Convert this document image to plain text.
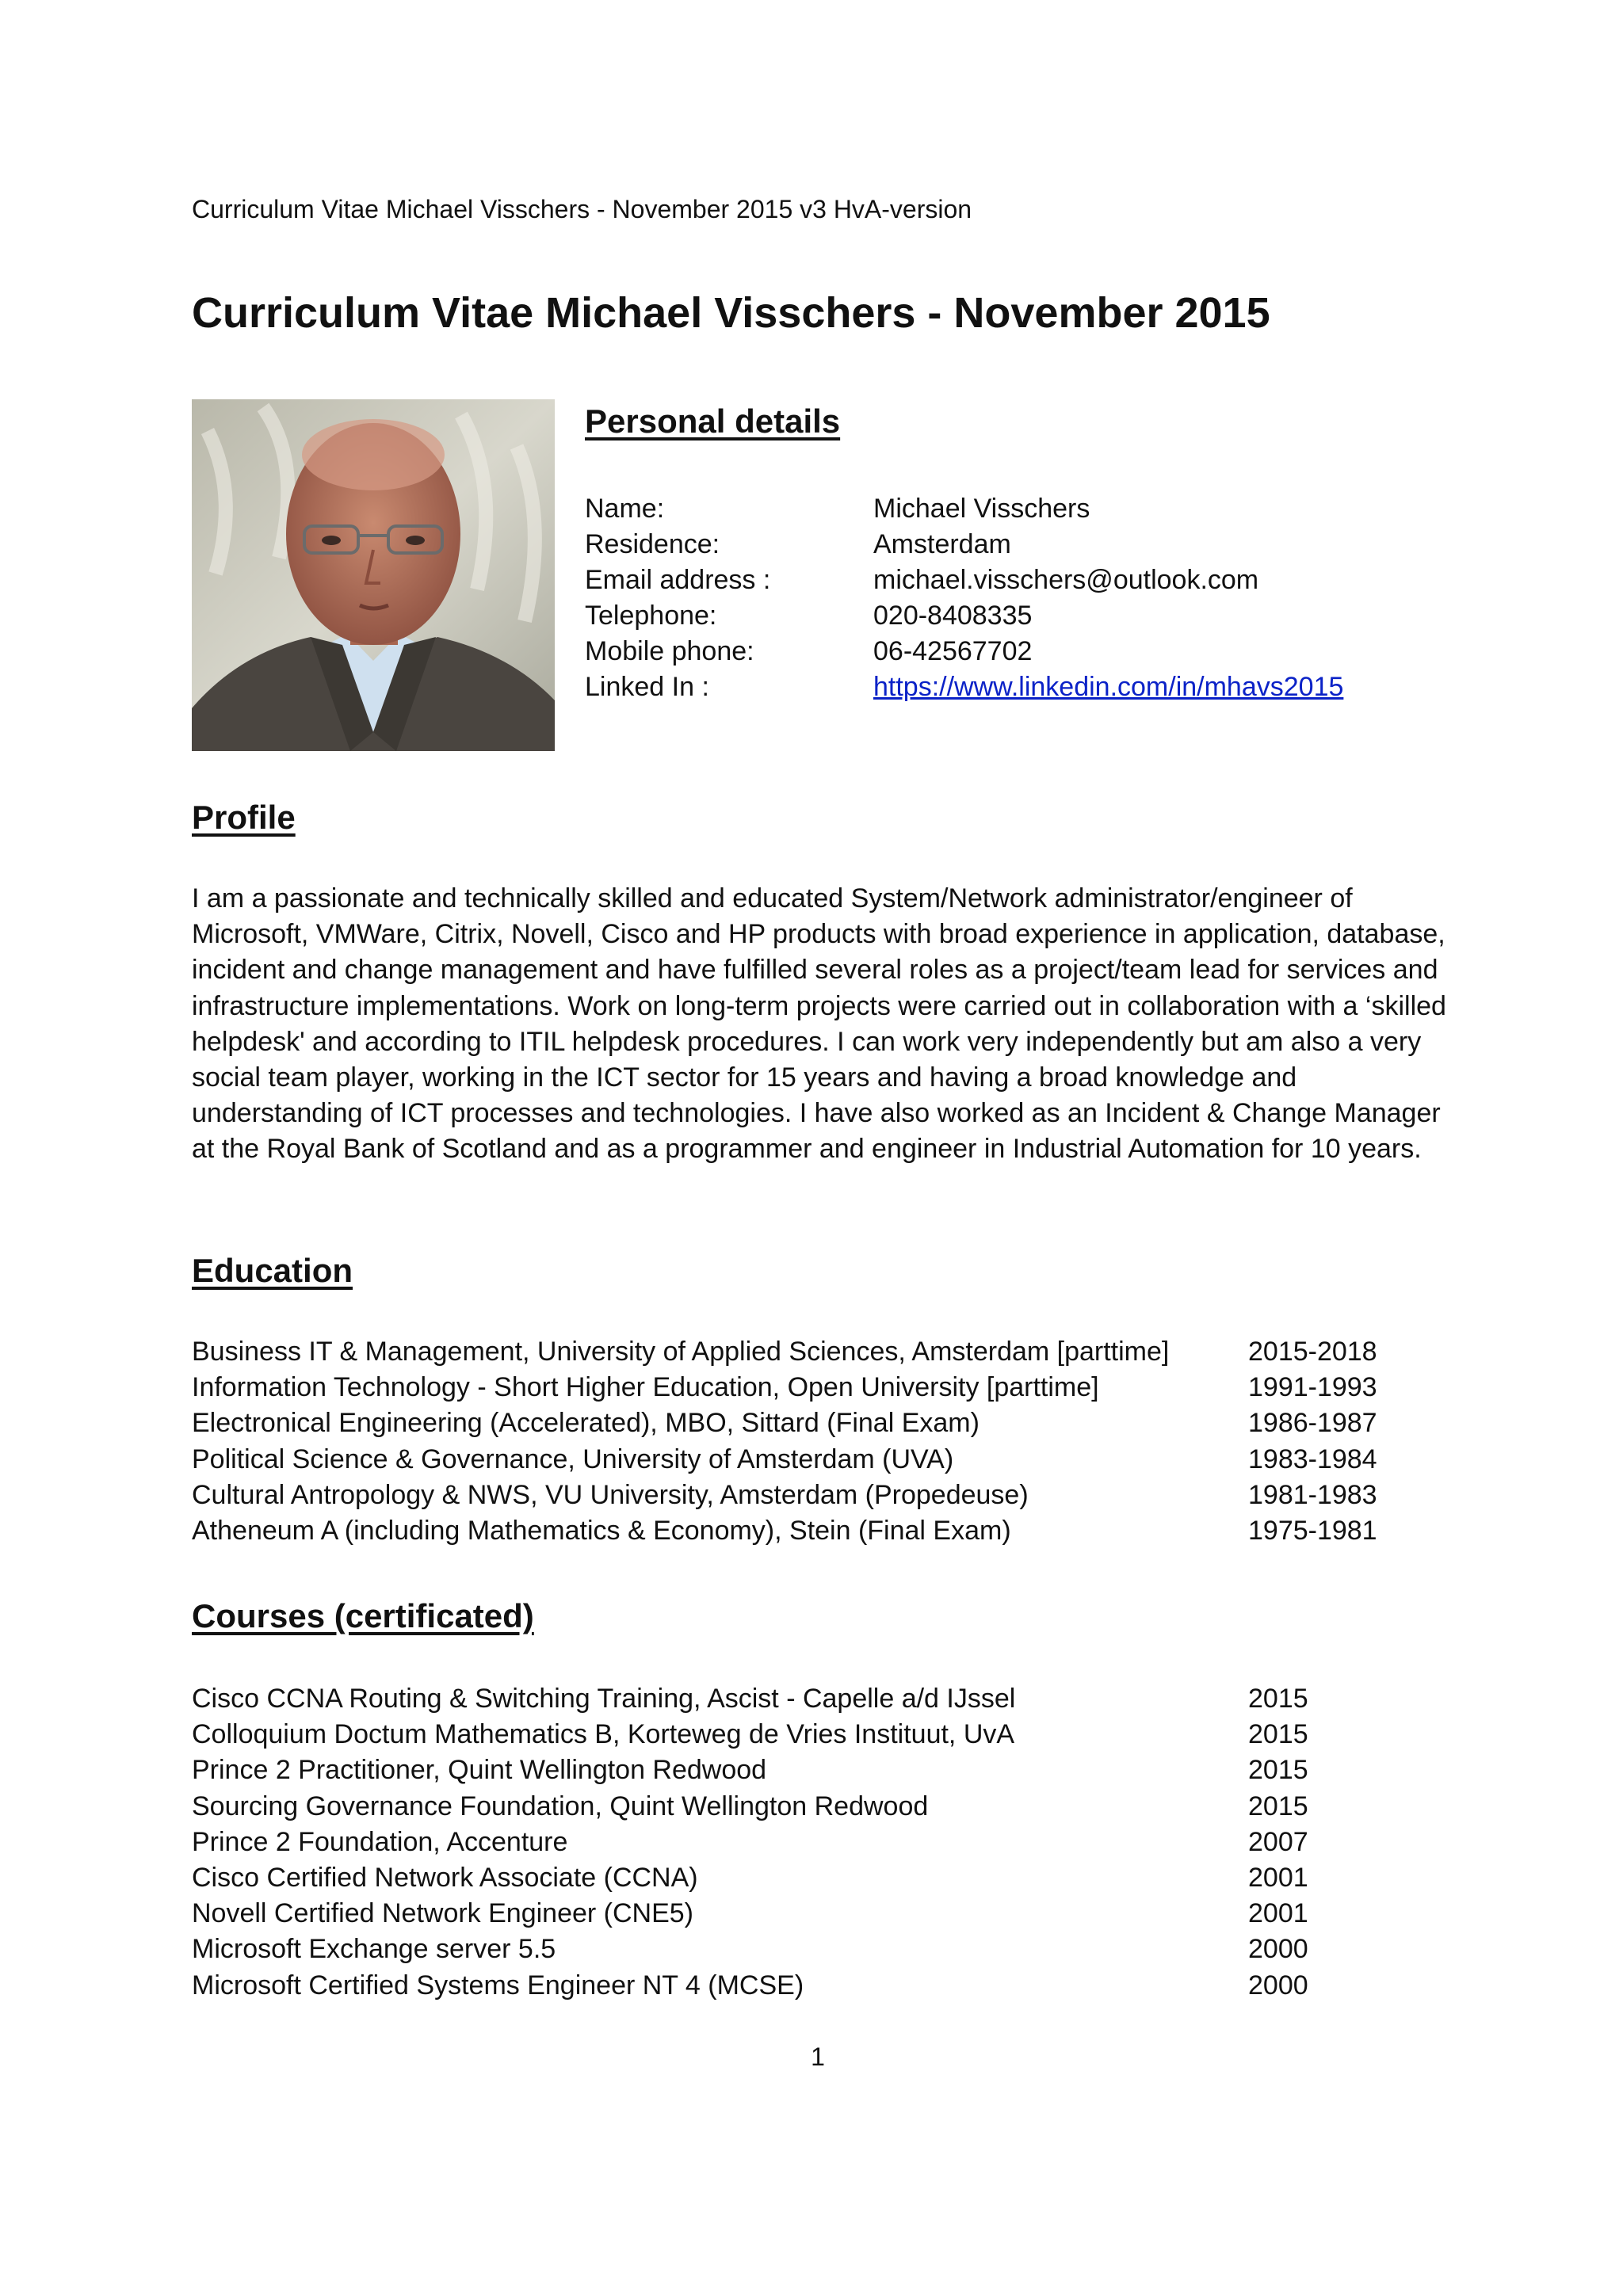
Curriculum Vitae Michael Visschers - November 2015 v3 HvA-version
Curriculum Vitae Michael Visschers - November 2015
Personal details
Name:	Michael Visschers
Residence:	Amsterdam
Email address :	michael.visschers@outlook.com
Telephone:	020-8408335
Mobile phone:	06-42567702
Linked In :	https://www.linkedin.com/in/mhavs2015
Profile

I am a passionate and technically skilled and educated System/Network administrator/engineer of Microsoft, VMWare, Citrix, Novell, Cisco and HP products with broad experience in application, database, incident and change management and have fulfilled several roles as a project/team lead for services and infrastructure implementations. Work on long-term projects were carried out in collaboration with a ‘skilled helpdesk' and according to ITIL helpdesk procedures. I can work very independently but am also a very social team player, working in the ICT sector for 15 years and having a broad knowledge and understanding of ICT processes and technologies. I have also worked as an Incident & Change Manager at the Royal Bank of Scotland and as a programmer and engineer in Industrial Automation for 10 years.

Education
Business IT & Management, University of Applied Sciences, Amsterdam [parttime]	2015-2018
Information Technology - Short Higher Education, Open University [parttime]	1991-1993
Electronical Engineering (Accelerated), MBO, Sittard (Final Exam)	1986-1987
Political Science & Governance, University of Amsterdam (UVA)	1983-1984
Cultural Antropology & NWS, VU University, Amsterdam (Propedeuse)	1981-1983
Atheneum A (including Mathematics & Economy), Stein (Final Exam)	1975-1981
Courses (certificated)
Cisco CCNA Routing & Switching Training, Ascist - Capelle a/d IJssel	2015
Colloquium Doctum Mathematics B, Korteweg de Vries Instituut, UvA	2015
Prince 2 Practitioner, Quint Wellington Redwood	2015
Sourcing Governance Foundation, Quint Wellington Redwood	2015
Prince 2 Foundation, Accenture	2007
Cisco Certified Network Associate (CCNA)	2001
Novell Certified Network Engineer (CNE5)	2001
Microsoft Exchange server 5.5	2000
Microsoft Certified Systems Engineer NT 4 (MCSE)	2000
1
